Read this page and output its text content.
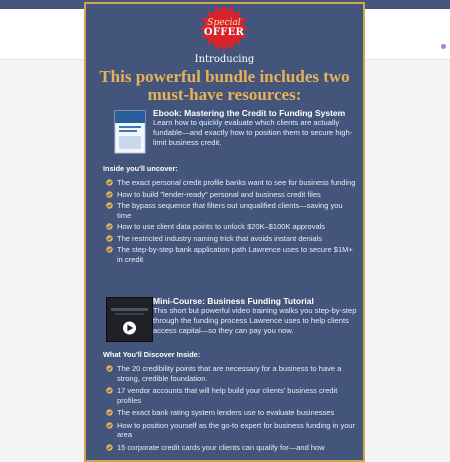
Special
OFFER
Introducing
This powerful bundle includes two must-have resources:
Ebook: Mastering the Credit to Funding System
Learn how to quickly evaluate which clients are actually fundable—and exactly how to position them to secure high-limit business credit.
Inside you'll uncover:
The exact personal credit profile banks want to see for business funding
How to build "lender-ready" personal and business credit files
The bypass sequence that filters out unqualified clients—saving you time
How to use client data points to unlock $20K–$100K approvals
The restricted industry naming trick that avoids instant denials
The step-by-step bank application path Lawrence uses to secure $1M+ in credit
Mini-Course: Business Funding Tutorial
This short but powerful video training walks you step-by-step through the funding process Lawrence uses to help clients access capital—so they can pay you now.
What You'll Discover Inside:
The 20 credibility points that are necessary for a business to have a strong, credible foundation.
17 vendor accounts that will help build your clients' business credit profiles
The exact bank rating system lenders use to evaluate businesses
How to position yourself as the go-to expert for business funding in your area
15 corporate credit cards your clients can qualify for—and how
